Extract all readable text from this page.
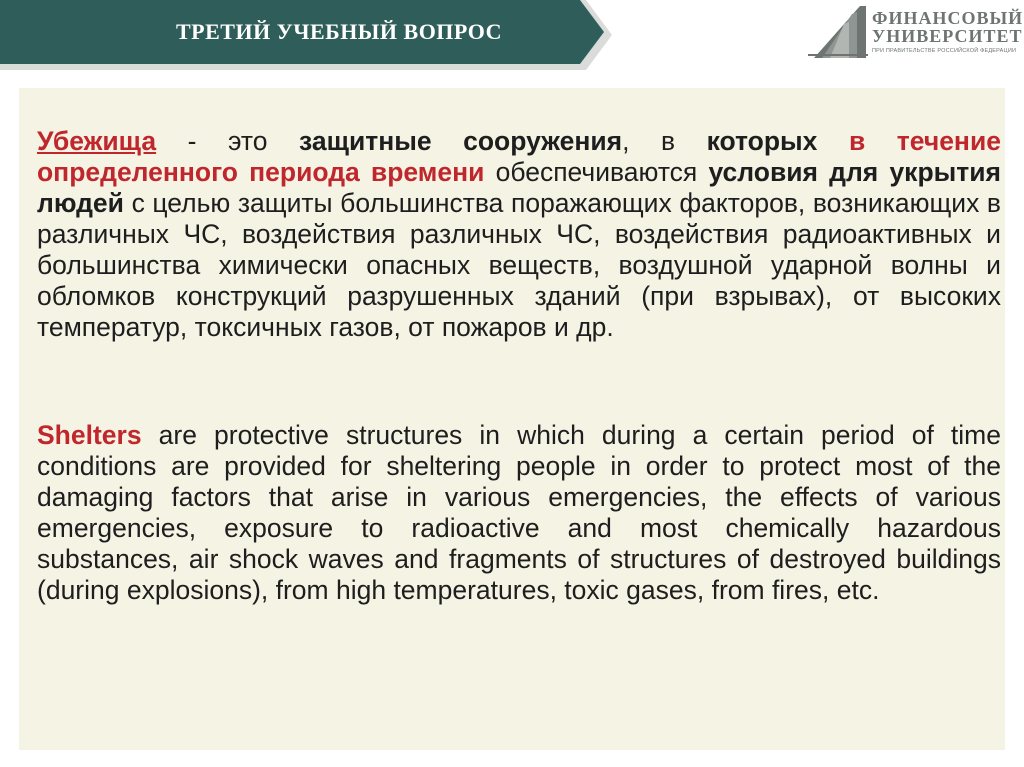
ТРЕТИЙ УЧЕБНЫЙ ВОПРОС
ФИНАНСОВЫЙ
УНИВЕРСИТЕТ
ПРИ ПРАВИТЕЛЬСТВЕ РОССИЙСКОЙ ФЕДЕРАЦИИ

Убежища - это защитные сооружения, в которых в течение определенного периода времени обеспечиваются условия для укрытия людей с целью защиты большинства поражающих факторов, возникающих в различных ЧС, воздействия различных ЧС, воздействия радиоактивных и большинства химически опасных веществ, воздушной ударной волны и обломков конструкций разрушенных зданий (при взрывах), от высоких температур, токсичных газов, от пожаров и др.

Shelters are protective structures in which during a certain period of time conditions are provided for sheltering people in order to protect most of the damaging factors that arise in various emergencies, the effects of various emergencies, exposure to radioactive and most chemically hazardous substances, air shock waves and fragments of structures of destroyed buildings (during explosions), from high temperatures, toxic gases, from fires, etc.
